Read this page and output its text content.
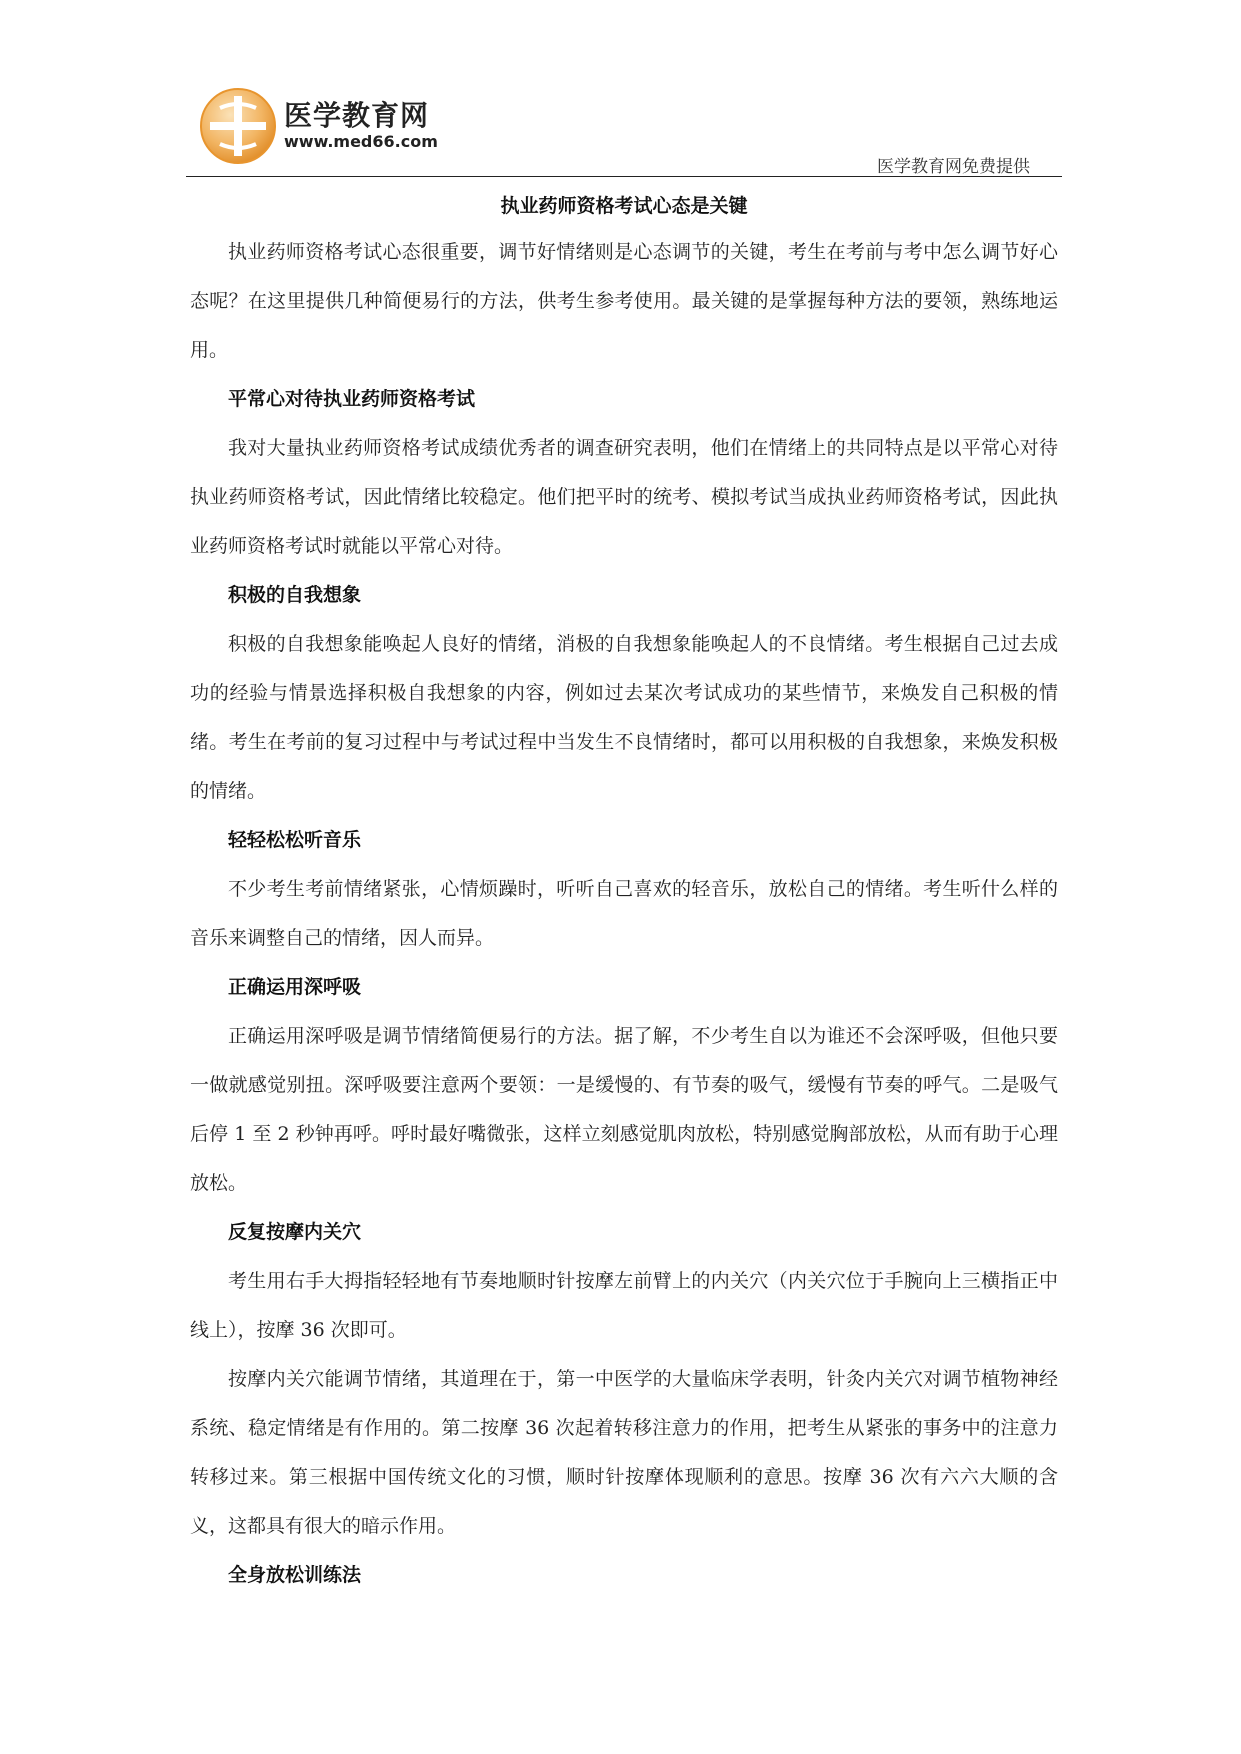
医学教育网
www.med66.com
医学教育网免费提供
执业药师资格考试心态是关键

执业药师资格考试心态很重要，调节好情绪则是心态调节的关键，考生在考前与考中怎么调节好心态呢？在这里提供几种简便易行的方法，供考生参考使用。最关键的是掌握每种方法的要领，熟练地运用。

平常心对待执业药师资格考试

我对大量执业药师资格考试成绩优秀者的调查研究表明，他们在情绪上的共同特点是以平常心对待执业药师资格考试，因此情绪比较稳定。他们把平时的统考、模拟考试当成执业药师资格考试，因此执业药师资格考试时就能以平常心对待。

积极的自我想象

积极的自我想象能唤起人良好的情绪，消极的自我想象能唤起人的不良情绪。考生根据自己过去成功的经验与情景选择积极自我想象的内容，例如过去某次考试成功的某些情节，来焕发自己积极的情绪。考生在考前的复习过程中与考试过程中当发生不良情绪时，都可以用积极的自我想象，来焕发积极的情绪。

轻轻松松听音乐

不少考生考前情绪紧张，心情烦躁时，听听自己喜欢的轻音乐，放松自己的情绪。考生听什么样的音乐来调整自己的情绪，因人而异。

正确运用深呼吸

正确运用深呼吸是调节情绪简便易行的方法。据了解，不少考生自以为谁还不会深呼吸，但他只要一做就感觉别扭。深呼吸要注意两个要领：一是缓慢的、有节奏的吸气，缓慢有节奏的呼气。二是吸气后停 1 至 2 秒钟再呼。呼时最好嘴微张，这样立刻感觉肌肉放松，特别感觉胸部放松，从而有助于心理放松。

反复按摩内关穴

考生用右手大拇指轻轻地有节奏地顺时针按摩左前臂上的内关穴（内关穴位于手腕向上三横指正中线上），按摩 36 次即可。

按摩内关穴能调节情绪，其道理在于，第一中医学的大量临床学表明，针灸内关穴对调节植物神经系统、稳定情绪是有作用的。第二按摩 36 次起着转移注意力的作用，把考生从紧张的事务中的注意力转移过来。第三根据中国传统文化的习惯，顺时针按摩体现顺利的意思。按摩 36 次有六六大顺的含义，这都具有很大的暗示作用。

全身放松训练法
